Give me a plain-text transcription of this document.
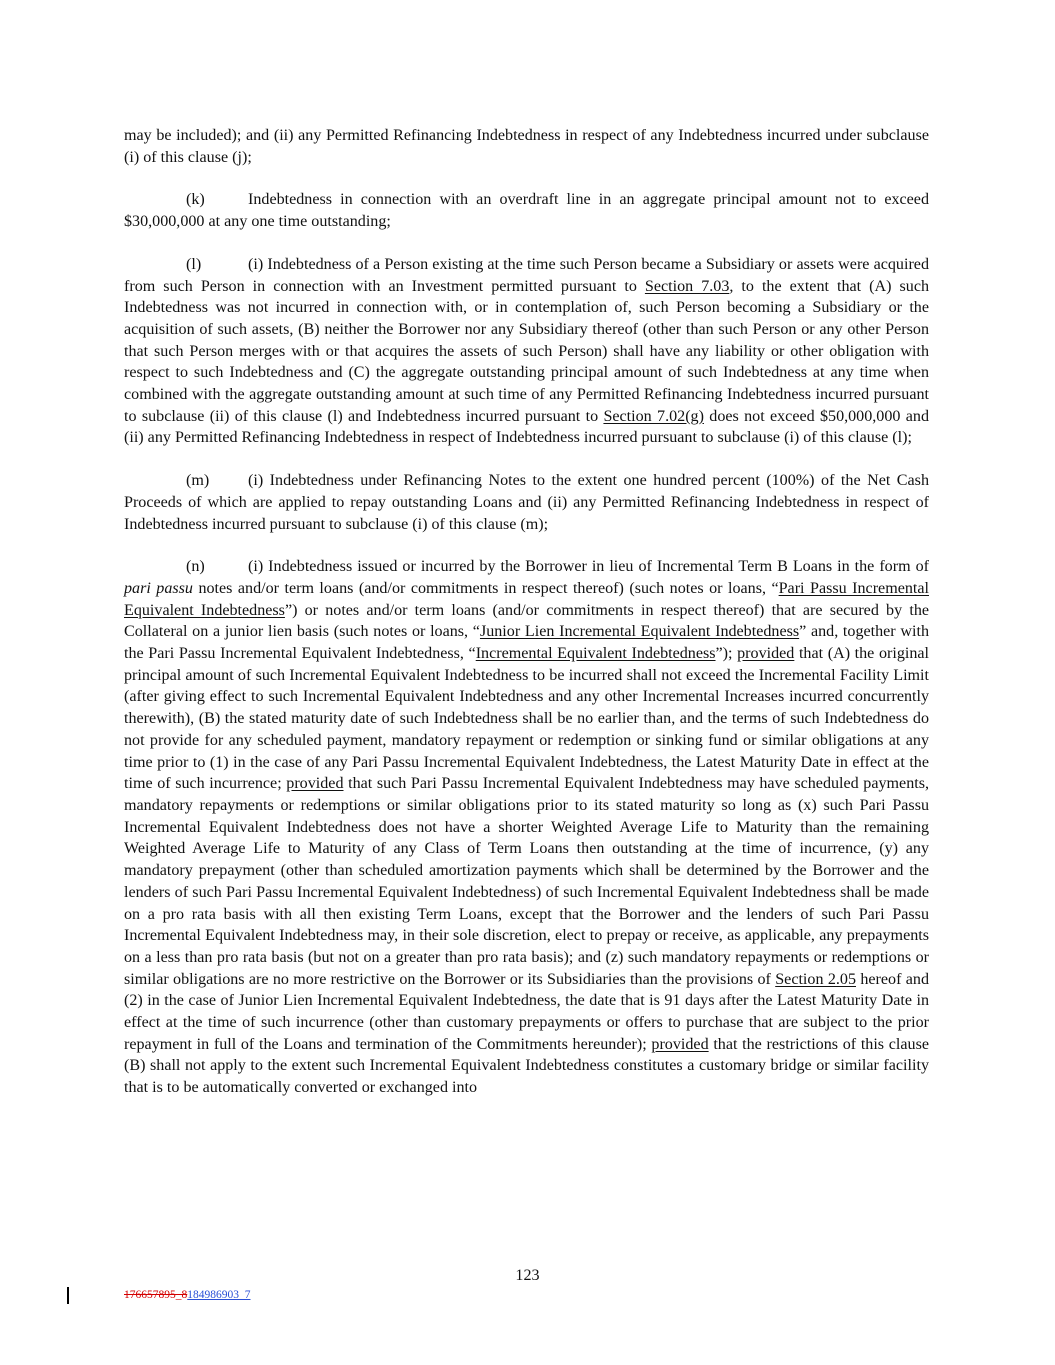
may be included); and (ii) any Permitted Refinancing Indebtedness in respect of any Indebtedness incurred under subclause (i) of this clause (j);

(k)	Indebtedness in connection with an overdraft line in an aggregate principal amount not to exceed $30,000,000 at any one time outstanding;

(l)	(i) Indebtedness of a Person existing at the time such Person became a Subsidiary or assets were acquired from such Person in connection with an Investment permitted pursuant to Section 7.03, to the extent that (A) such Indebtedness was not incurred in connection with, or in contemplation of, such Person becoming a Subsidiary or the acquisition of such assets, (B) neither the Borrower nor any Subsidiary thereof (other than such Person or any other Person that such Person merges with or that acquires the assets of such Person) shall have any liability or other obligation with respect to such Indebtedness and (C) the aggregate outstanding principal amount of such Indebtedness at any time when combined with the aggregate outstanding amount at such time of any Permitted Refinancing Indebtedness incurred pursuant to subclause (ii) of this clause (l) and Indebtedness incurred pursuant to Section 7.02(g) does not exceed $50,000,000 and (ii) any Permitted Refinancing Indebtedness in respect of Indebtedness incurred pursuant to subclause (i) of this clause (l);

(m) (i) Indebtedness under Refinancing Notes to the extent one hundred percent (100%) of the Net Cash Proceeds of which are applied to repay outstanding Loans and (ii) any Permitted Refinancing Indebtedness in respect of Indebtedness incurred pursuant to subclause (i) of this clause (m);

(n)	(i) Indebtedness issued or incurred by the Borrower in lieu of Incremental Term B Loans in the form of pari passu notes and/or term loans (and/or commitments in respect thereof) (such notes or loans, “Pari Passu Incremental Equivalent Indebtedness”) or notes and/or term loans (and/or commitments in respect thereof) that are secured by the Collateral on a junior lien basis (such notes or loans, “Junior Lien Incremental Equivalent Indebtedness” and, together with the Pari Passu Incremental Equivalent Indebtedness, “Incremental Equivalent Indebtedness”); provided that (A) the original principal amount of such Incremental Equivalent Indebtedness to be incurred shall not exceed the Incremental Facility Limit (after giving effect to such Incremental Equivalent Indebtedness and any other Incremental Increases incurred concurrently therewith), (B) the stated maturity date of such Indebtedness shall be no earlier than, and the terms of such Indebtedness do not provide for any scheduled payment, mandatory repayment or redemption or sinking fund or similar obligations at any time prior to (1) in the case of any Pari Passu Incremental Equivalent Indebtedness, the Latest Maturity Date in effect at the time of such incurrence; provided that such Pari Passu Incremental Equivalent Indebtedness may have scheduled payments, mandatory repayments or redemptions or similar obligations prior to its stated maturity so long as (x) such Pari Passu Incremental Equivalent Indebtedness does not have a shorter Weighted Average Life to Maturity than the remaining Weighted Average Life to Maturity of any Class of Term Loans then outstanding at the time of incurrence, (y) any mandatory prepayment (other than scheduled amortization payments which shall be determined by the Borrower and the lenders of such Pari Passu Incremental Equivalent Indebtedness) of such Incremental Equivalent Indebtedness shall be made on a pro rata basis with all then existing Term Loans, except that the Borrower and the lenders of such Pari Passu Incremental Equivalent Indebtedness may, in their sole discretion, elect to prepay or receive, as applicable, any prepayments on a less than pro rata basis (but not on a greater than pro rata basis); and (z) such mandatory repayments or redemptions or similar obligations are no more restrictive on the Borrower or its Subsidiaries than the provisions of Section 2.05 hereof and (2) in the case of Junior Lien Incremental Equivalent Indebtedness, the date that is 91 days after the Latest Maturity Date in effect at the time of such incurrence (other than customary prepayments or offers to purchase that are subject to the prior repayment in full of the Loans and termination of the Commitments hereunder); provided that the restrictions of this clause (B) shall not apply to the extent such Incremental Equivalent Indebtedness constitutes a customary bridge or similar facility that is to be automatically converted or exchanged into

123
176657895_8184986903_7
